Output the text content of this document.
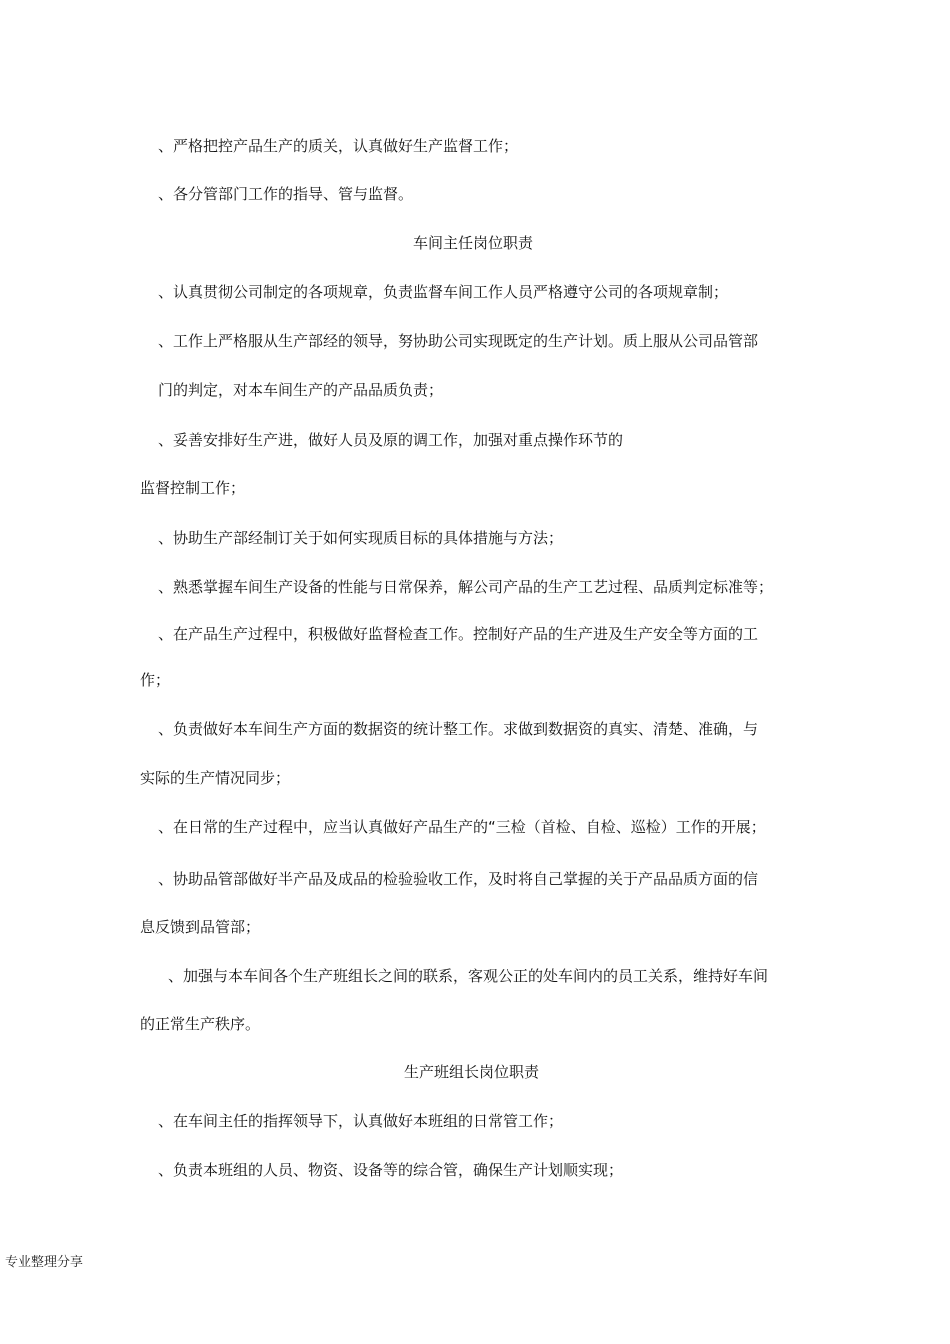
、严格把控产品生产的质关，认真做好生产监督工作；
、各分管部门工作的指导、管与监督。
车间主任岗位职责
、认真贯彻公司制定的各项规章，负责监督车间工作人员严格遵守公司的各项规章制；
、工作上严格服从生产部经的领导，努协助公司实现既定的生产计划。质上服从公司品管部
门的判定，对本车间生产的产品品质负责；
、妥善安排好生产进，做好人员及原的调工作，加强对重点操作环节的
监督控制工作；
、协助生产部经制订关于如何实现质目标的具体措施与方法；
、熟悉掌握车间生产设备的性能与日常保养，解公司产品的生产工艺过程、品质判定标准等；
、在产品生产过程中，积极做好监督检查工作。控制好产品的生产进及生产安全等方面的工
作；
、负责做好本车间生产方面的数据资的统计整工作。求做到数据资的真实、清楚、准确，与
实际的生产情况同步；
、在日常的生产过程中，应当认真做好产品生产的“三检（首检、自检、巡检）工作的开展；
、协助品管部做好半产品及成品的检验验收工作，及时将自己掌握的关于产品品质方面的信
息反馈到品管部；
、加强与本车间各个生产班组长之间的联系，客观公正的处车间内的员工关系，维持好车间
的正常生产秩序。
生产班组长岗位职责
、在车间主任的指挥领导下，认真做好本班组的日常管工作；
、负责本班组的人员、物资、设备等的综合管，确保生产计划顺实现；
专业整理分享
